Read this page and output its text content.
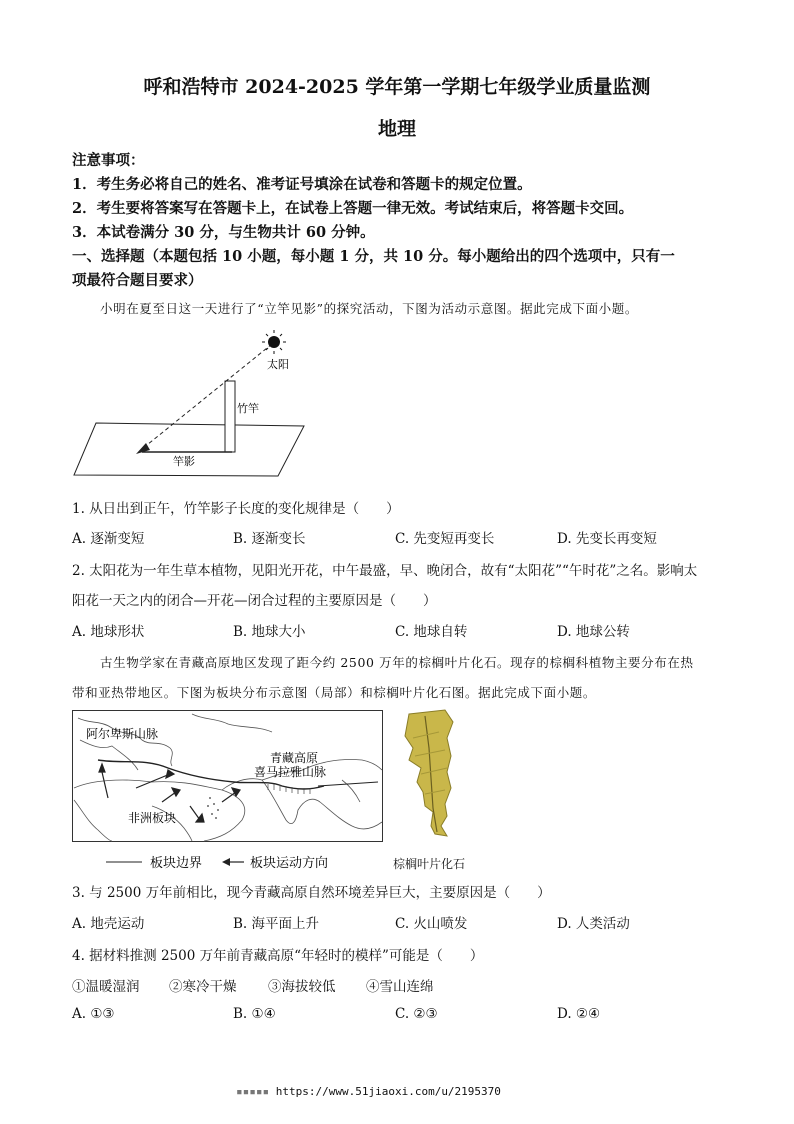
呼和浩特市 2024-2025 学年第一学期七年级学业质量监测
地理
注意事项：
1．考生务必将自己的姓名、准考证号填涂在试卷和答题卡的规定位置。
2．考生要将答案写在答题卡上，在试卷上答题一律无效。考试结束后，将答题卡交回。
3．本试卷满分 30 分，与生物共计 60 分钟。
一、选择题（本题包括 10 小题，每小题 1 分，共 10 分。每小题给出的四个选项中，只有一
项最符合题目要求）
小明在夏至日这一天进行了“立竿见影”的探究活动，下图为活动示意图。据此完成下面小题。
太阳
竹竿
竿影
1. 从日出到正午，竹竿影子长度的变化规律是（　　）
A. 逐渐变短	B. 逐渐变长	C. 先变短再变长	D. 先变长再变短
2. 太阳花为一年生草本植物，见阳光开花，中午最盛，早、晚闭合，故有“太阳花”“午时花”之名。影响太
阳花一天之内的闭合—开花—闭合过程的主要原因是（　　）
A. 地球形状	B. 地球大小	C. 地球自转	D. 地球公转
古生物学家在青藏高原地区发现了距今约 2500 万年的棕榈叶片化石。现存的棕榈科植物主要分布在热
带和亚热带地区。下图为板块分布示意图（局部）和棕榈叶片化石图。据此完成下面小题。
阿尔卑斯山脉
青藏高原
喜马拉雅山脉
非洲板块
板块边界	板块运动方向	棕榈叶片化石
3. 与 2500 万年前相比，现今青藏高原自然环境差异巨大，主要原因是（　　）
A. 地壳运动	B. 海平面上升	C. 火山喷发	D. 人类活动
4. 据材料推测 2500 万年前青藏高原“年轻时的模样”可能是（　　）
①温暖湿润 ②寒冷干燥 ③海拔较低 ④雪山连绵
A. ①③	B. ①④	C. ②③	D. ②④
▪▪▪▪▪ https://www.51jiaoxi.com/u/2195370
